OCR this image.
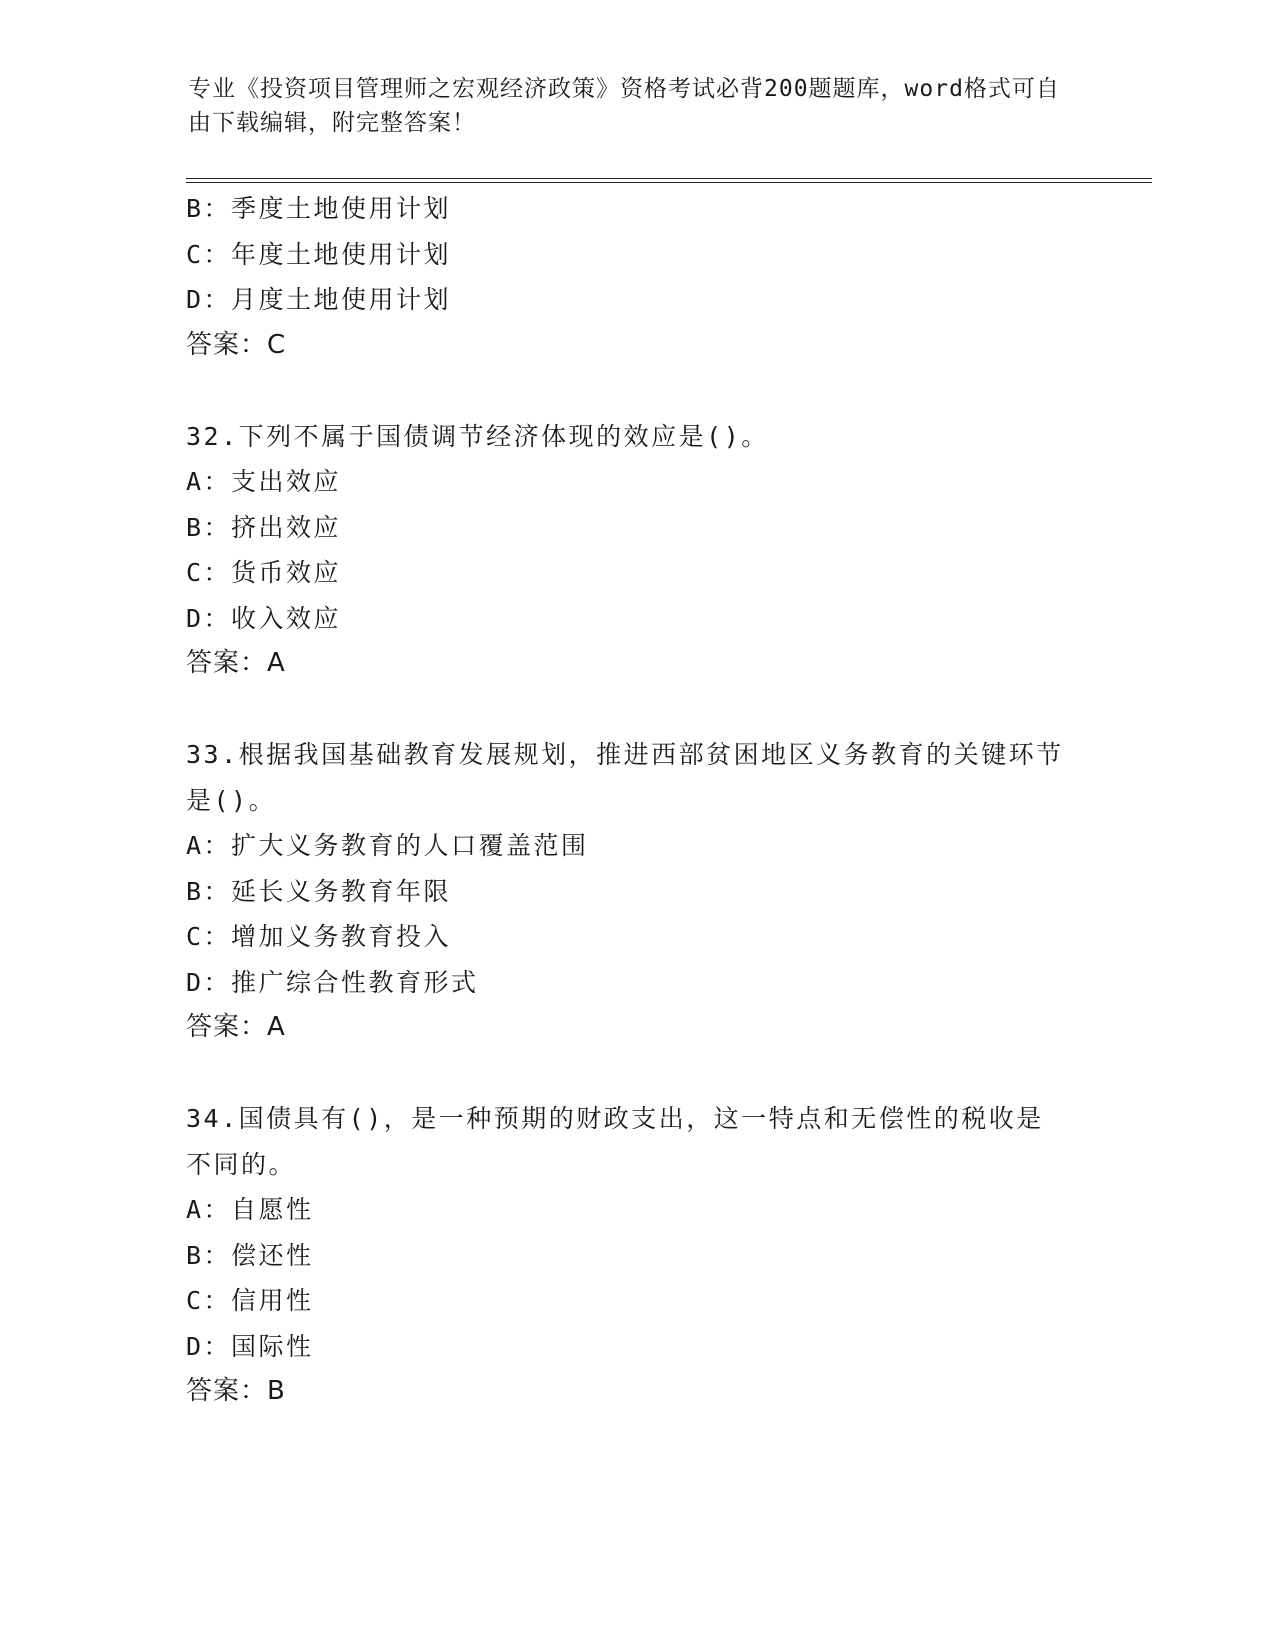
专业《投资项目管理师之宏观经济政策》资格考试必背200题题库，word格式可自由下载编辑，附完整答案！
B：季度土地使用计划
C：年度土地使用计划
D：月度土地使用计划
答案：C
32.下列不属于国债调节经济体现的效应是()。
A：支出效应
B：挤出效应
C：货币效应
D：收入效应
答案：A
33.根据我国基础教育发展规划，推进西部贫困地区义务教育的关键环节是()。
A：扩大义务教育的人口覆盖范围
B：延长义务教育年限
C：增加义务教育投入
D：推广综合性教育形式
答案：A
34.国债具有()，是一种预期的财政支出，这一特点和无偿性的税收是不同的。
A：自愿性
B：偿还性
C：信用性
D：国际性
答案：B
